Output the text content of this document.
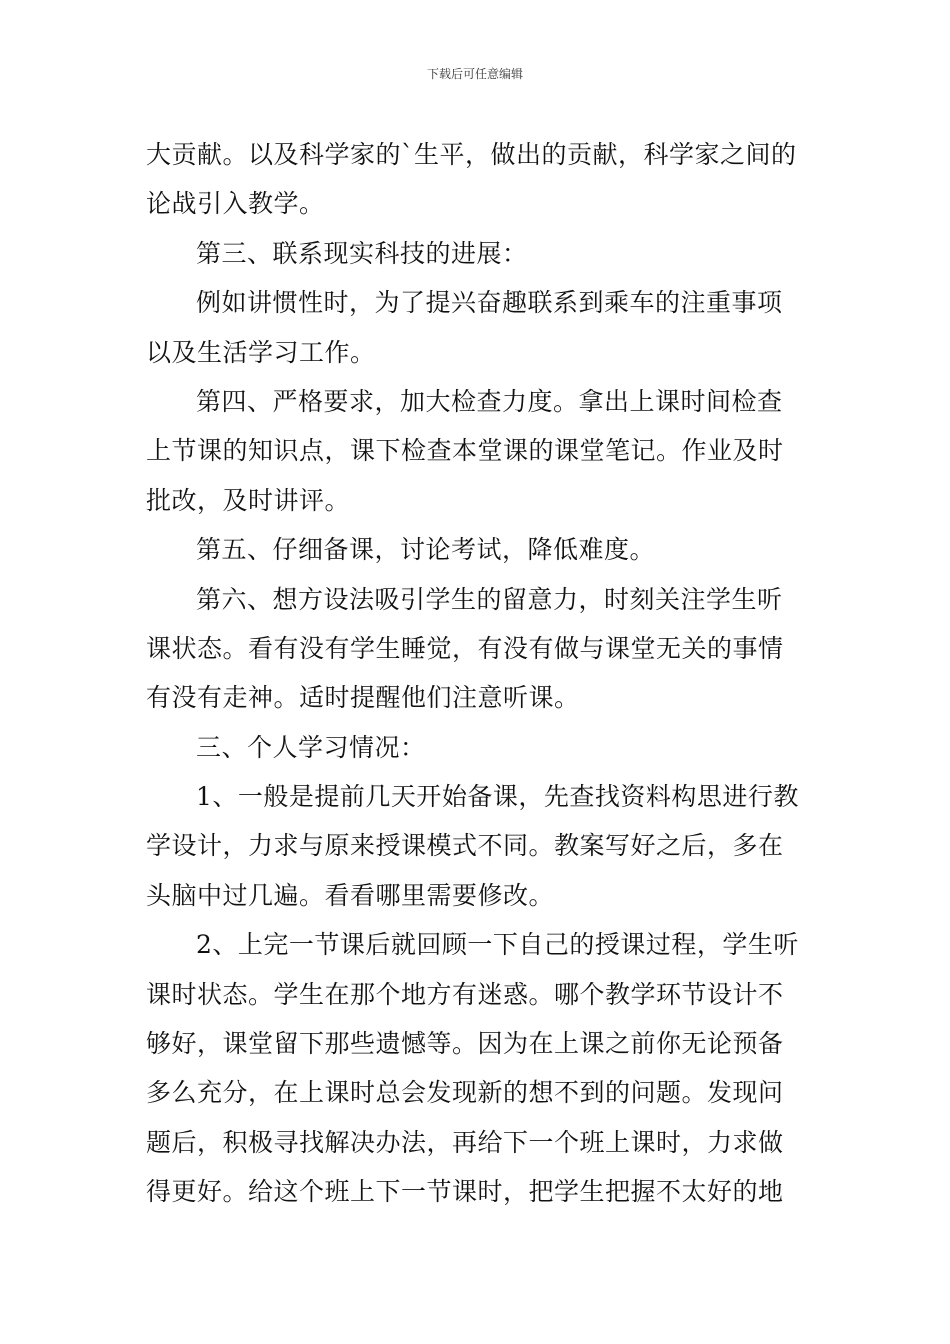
下载后可任意编辑
大贡献。以及科学家的`生平，做出的贡献，科学家之间的
论战引入教学。
第三、联系现实科技的进展：
例如讲惯性时，为了提兴奋趣联系到乘车的注重事项
以及生活学习工作。
第四、严格要求，加大检查力度。拿出上课时间检查
上节课的知识点，课下检查本堂课的课堂笔记。作业及时
批改，及时讲评。
第五、仔细备课，讨论考试，降低难度。
第六、想方设法吸引学生的留意力，时刻关注学生听
课状态。看有没有学生睡觉，有没有做与课堂无关的事情
有没有走神。适时提醒他们注意听课。
三、个人学习情况：
1、一般是提前几天开始备课，先查找资料构思进行教
学设计，力求与原来授课模式不同。教案写好之后，多在
头脑中过几遍。看看哪里需要修改。
2、上完一节课后就回顾一下自己的授课过程，学生听
课时状态。学生在那个地方有迷惑。哪个教学环节设计不
够好，课堂留下那些遗憾等。因为在上课之前你无论预备
多么充分，在上课时总会发现新的想不到的问题。发现问
题后，积极寻找解决办法，再给下一个班上课时，力求做
得更好。给这个班上下一节课时，把学生把握不太好的地
